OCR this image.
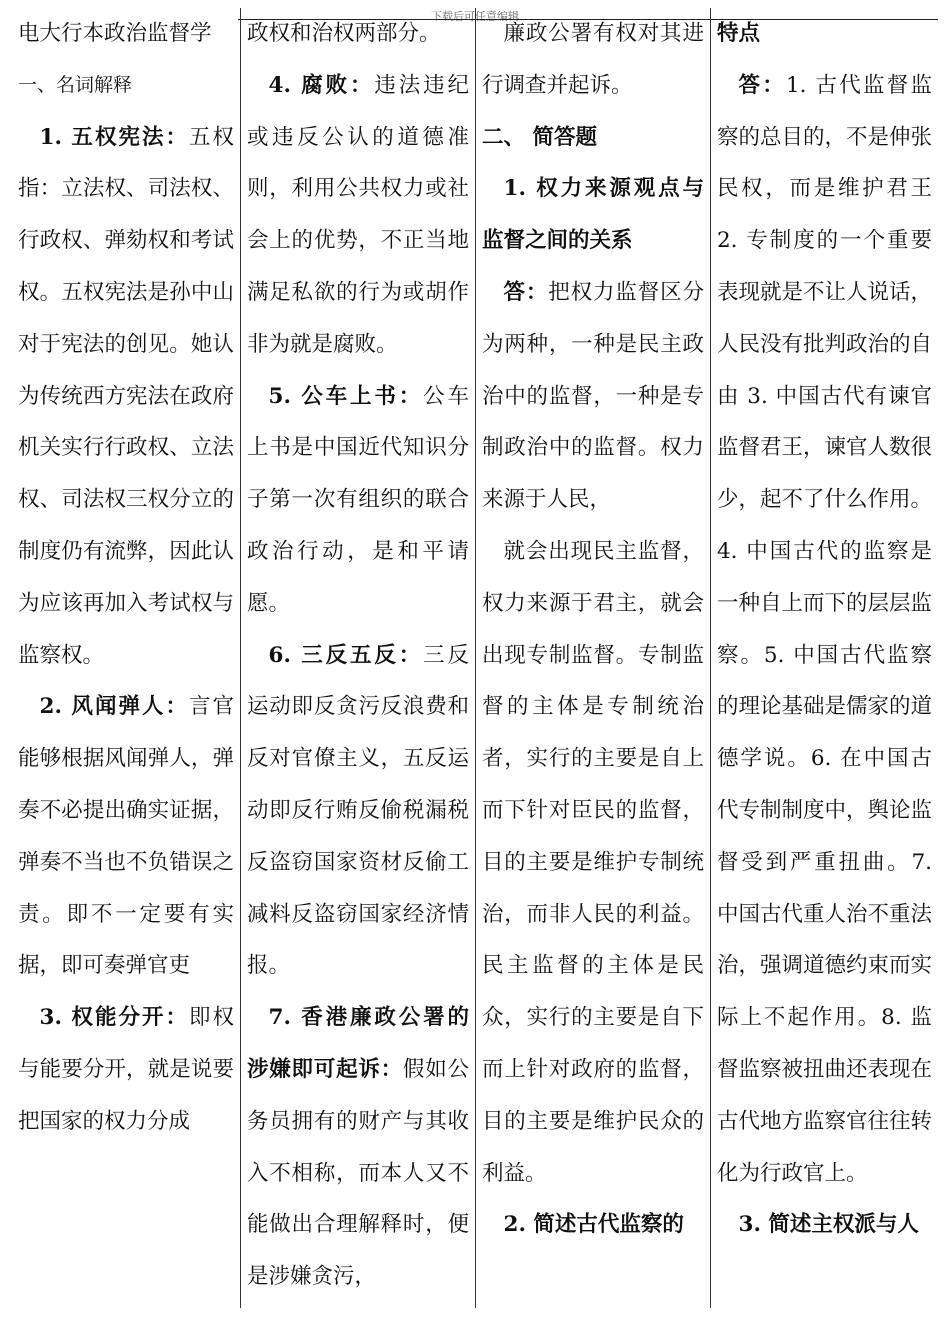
下载后可任意编辑

电大行本政治监督学

一、名词解释

1. 五权宪法：五权指：立法权、司法权、行政权、弹劾权和考试权。五权宪法是孙中山对于宪法的创见。她认为传统西方宪法在政府机关实行行政权、立法权、司法权三权分立的制度仍有流弊，因此认为应该再加入考试权与监察权。

2. 风闻弹人：言官能够根据风闻弹人，弹奏不必提出确实证据，弹奏不当也不负错误之责。即不一定要有实据，即可奏弹官吏

3. 权能分开：即权与能要分开，就是说要把国家的权力分成

政权和治权两部分。

4. 腐败：违法违纪或违反公认的道德准则，利用公共权力或社会上的优势，不正当地满足私欲的行为或胡作非为就是腐败。

5. 公车上书：公车上书是中国近代知识分子第一次有组织的联合政治行动，是和平请愿。

6. 三反五反：三反运动即反贪污反浪费和反对官僚主义，五反运动即反行贿反偷税漏税反盗窃国家资材反偷工减料反盗窃国家经济情报。

7. 香港廉政公署的涉嫌即可起诉：假如公务员拥有的财产与其收入不相称，而本人又不能做出合理解释时，便是涉嫌贪污，

廉政公署有权对其进行调查并起诉。

二、 简答题

1. 权力来源观点与监督之间的关系

答：把权力监督区分为两种，一种是民主政治中的监督，一种是专制政治中的监督。权力来源于人民，

就会出现民主监督，权力来源于君主，就会出现专制监督。专制监督的主体是专制统治者，实行的主要是自上而下针对臣民的监督，目的主要是维护专制统治，而非人民的利益。民主监督的主体是民众，实行的主要是自下而上针对政府的监督，目的主要是维护民众的利益。

2. 简述古代监察的

特点

答：1. 古代监督监察的总目的，不是伸张民权，而是维护君王 2. 专制度的一个重要表现就是不让人说话，人民没有批判政治的自由 3. 中国古代有谏官监督君王，谏官人数很少，起不了什么作用。4. 中国古代的监察是一种自上而下的层层监察。5. 中国古代监察的理论基础是儒家的道德学说。6. 在中国古代专制制度中，舆论监督受到严重扭曲。7. 中国古代重人治不重法治，强调道德约束而实际上不起作用。8. 监督监察被扭曲还表现在古代地方监察官往往转化为行政官上。

3. 简述主权派与人
